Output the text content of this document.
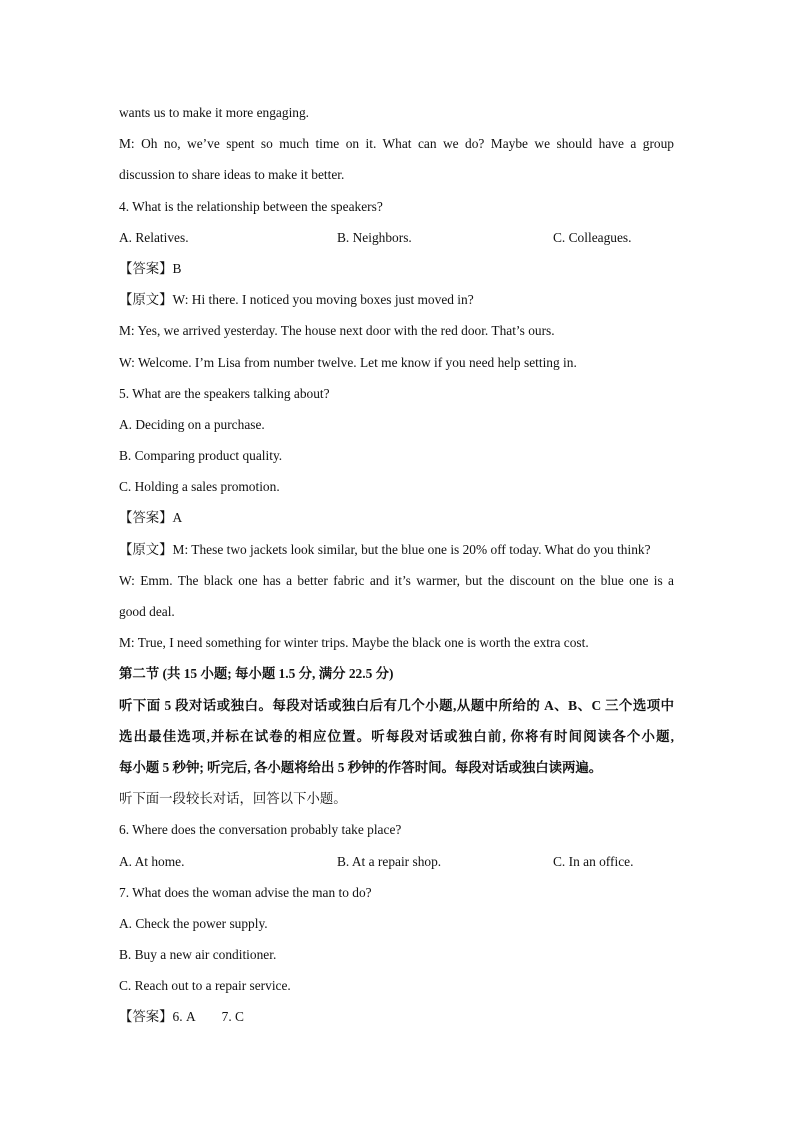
wants us to make it more engaging.
M: Oh no, we’ve spent so much time on it. What can we do? Maybe we should have a group
discussion to share ideas to make it better.
4. What is the relationship between the speakers?
A. Relatives.	B. Neighbors.	C. Colleagues.
【答案】B
【原文】W: Hi there. I noticed you moving boxes just moved in?
M: Yes, we arrived yesterday. The house next door with the red door. That’s ours.
W: Welcome. I’m Lisa from number twelve. Let me know if you need help setting in.
5. What are the speakers talking about?
A. Deciding on a purchase.
B. Comparing product quality.
C. Holding a sales promotion.
【答案】A
【原文】M: These two jackets look similar, but the blue one is 20% off today. What do you think?
W: Emm. The black one has a better fabric and it’s warmer, but the discount on the blue one is a
good deal.
M: True, I need something for winter trips. Maybe the black one is worth the extra cost.
第二节 (共 15 小题; 每小题 1.5 分, 满分 22.5 分)
听下面 5 段对话或独白。每段对话或独白后有几个小题,从题中所给的 A、B、C 三个选项中
选出最佳选项,并标在试卷的相应位置。听每段对话或独白前, 你将有时间阅读各个小题,
每小题 5 秒钟; 听完后, 各小题将给出 5 秒钟的作答时间。每段对话或独白读两遍。
听下面一段较长对话，回答以下小题。
6. Where does the conversation probably take place?
A. At home.	B. At a repair shop.	C. In an office.
7. What does the woman advise the man to do?
A. Check the power supply.
B. Buy a new air conditioner.
C. Reach out to a repair service.
【答案】6. A 7. C
